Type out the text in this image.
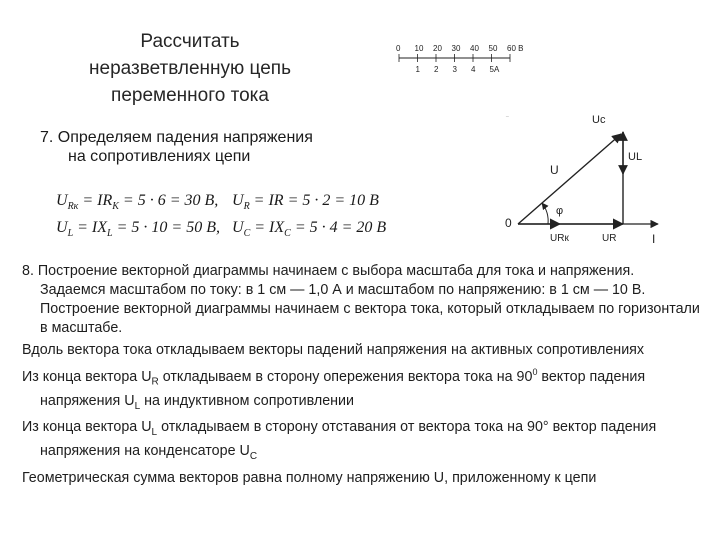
Рассчитать
неразветвленную цепь
переменного тока
7. Определяем падения напряжения
на сопротивлениях цепи
$U_{Rк} = IR_К = 5 \cdot 6 = 30$ В, $U_R$ = IR = 5 · 2 = 10 В
$U_L = IX_L = 5 \cdot 10 = 50$ В, $U_C = IX_C = 5 \cdot 4 = 20$ В
0 10 20 30 40 50 60 В
1 2 3 4 5А
_
0
U
φ
Uc
UL
URк	UR	I

8. Построение векторной диаграммы начинаем с выбора масштаба для тока и напряжения. Задаемся масштабом по току: в 1 см — 1,0 А и масштабом по напряжению: в 1 см — 10 В. Построение векторной диаграммы начинаем с вектора тока, который откладываем по горизонтали в масштабе.

Вдоль вектора тока откладываем векторы падений напряжения на активных сопротивлениях

Из конца вектора $U_R$ откладываем в сторону опережения вектора тока на $90^0$ вектор падения напряжения $U_L$ на индуктивном сопротивлении

Из конца вектора $U_L$ откладываем в сторону отставания от вектора тока на 90° вектор падения напряжения на конденсаторе $U_C$

Геометрическая сумма векторов равна полному напряжению U, приложенному к цепи
